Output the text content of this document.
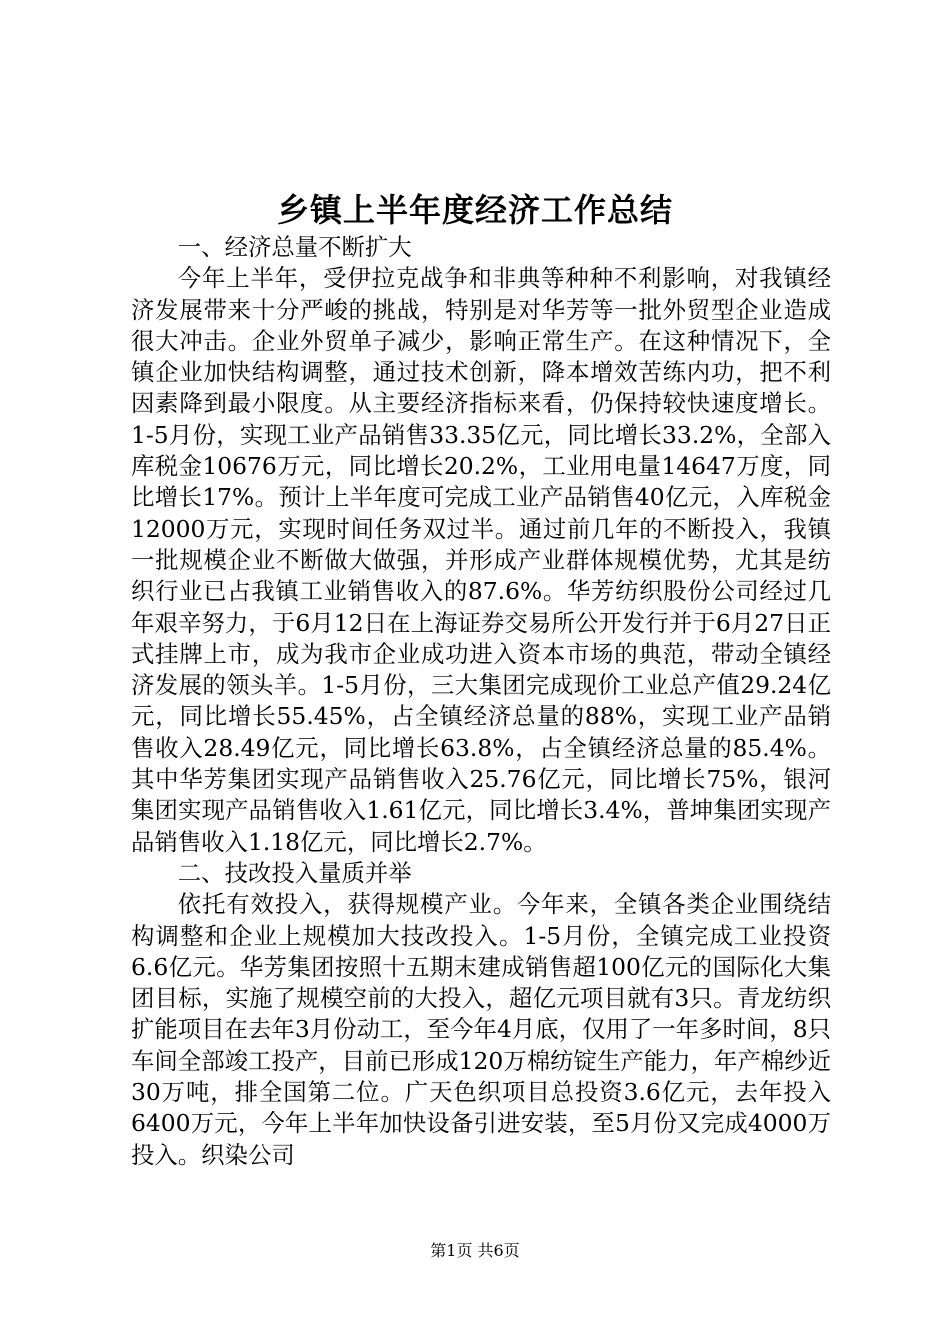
乡镇上半年度经济工作总结

一、经济总量不断扩大

今年上半年，受伊拉克战争和非典等种种不利影响，对我镇经济发展带来十分严峻的挑战，特别是对华芳等一批外贸型企业造成很大冲击。企业外贸单子减少，影响正常生产。在这种情况下，全镇企业加快结构调整，通过技术创新，降本增效苦练内功，把不利因素降到最小限度。从主要经济指标来看，仍保持较快速度增长。1-5月份，实现工业产品销售33.35亿元，同比增长33.2%，全部入库税金10676万元，同比增长20.2%，工业用电量14647万度，同比增长17%。预计上半年度可完成工业产品销售40亿元，入库税金12000万元，实现时间任务双过半。通过前几年的不断投入，我镇一批规模企业不断做大做强，并形成产业群体规模优势，尤其是纺织行业已占我镇工业销售收入的87.6%。华芳纺织股份公司经过几年艰辛努力，于6月12日在上海证券交易所公开发行并于6月27日正式挂牌上市，成为我市企业成功进入资本市场的典范，带动全镇经济发展的领头羊。1-5月份，三大集团完成现价工业总产值29.24亿元，同比增长55.45%，占全镇经济总量的88%，实现工业产品销售收入28.49亿元，同比增长63.8%，占全镇经济总量的85.4%。其中华芳集团实现产品销售收入25.76亿元，同比增长75%，银河集团实现产品销售收入1.61亿元，同比增长3.4%，普坤集团实现产品销售收入1.18亿元，同比增长2.7%。

二、技改投入量质并举

依托有效投入，获得规模产业。今年来，全镇各类企业围绕结构调整和企业上规模加大技改投入。1-5月份，全镇完成工业投资6.6亿元。华芳集团按照十五期末建成销售超100亿元的国际化大集团目标，实施了规模空前的大投入，超亿元项目就有3只。青龙纺织扩能项目在去年3月份动工，至今年4月底，仅用了一年多时间，8只车间全部竣工投产，目前已形成120万棉纺锭生产能力，年产棉纱近30万吨，排全国第二位。广天色织项目总投资3.6亿元，去年投入6400万元，今年上半年加快设备引进安装，至5月份又完成4000万投入。织染公司

第1页 共6页
